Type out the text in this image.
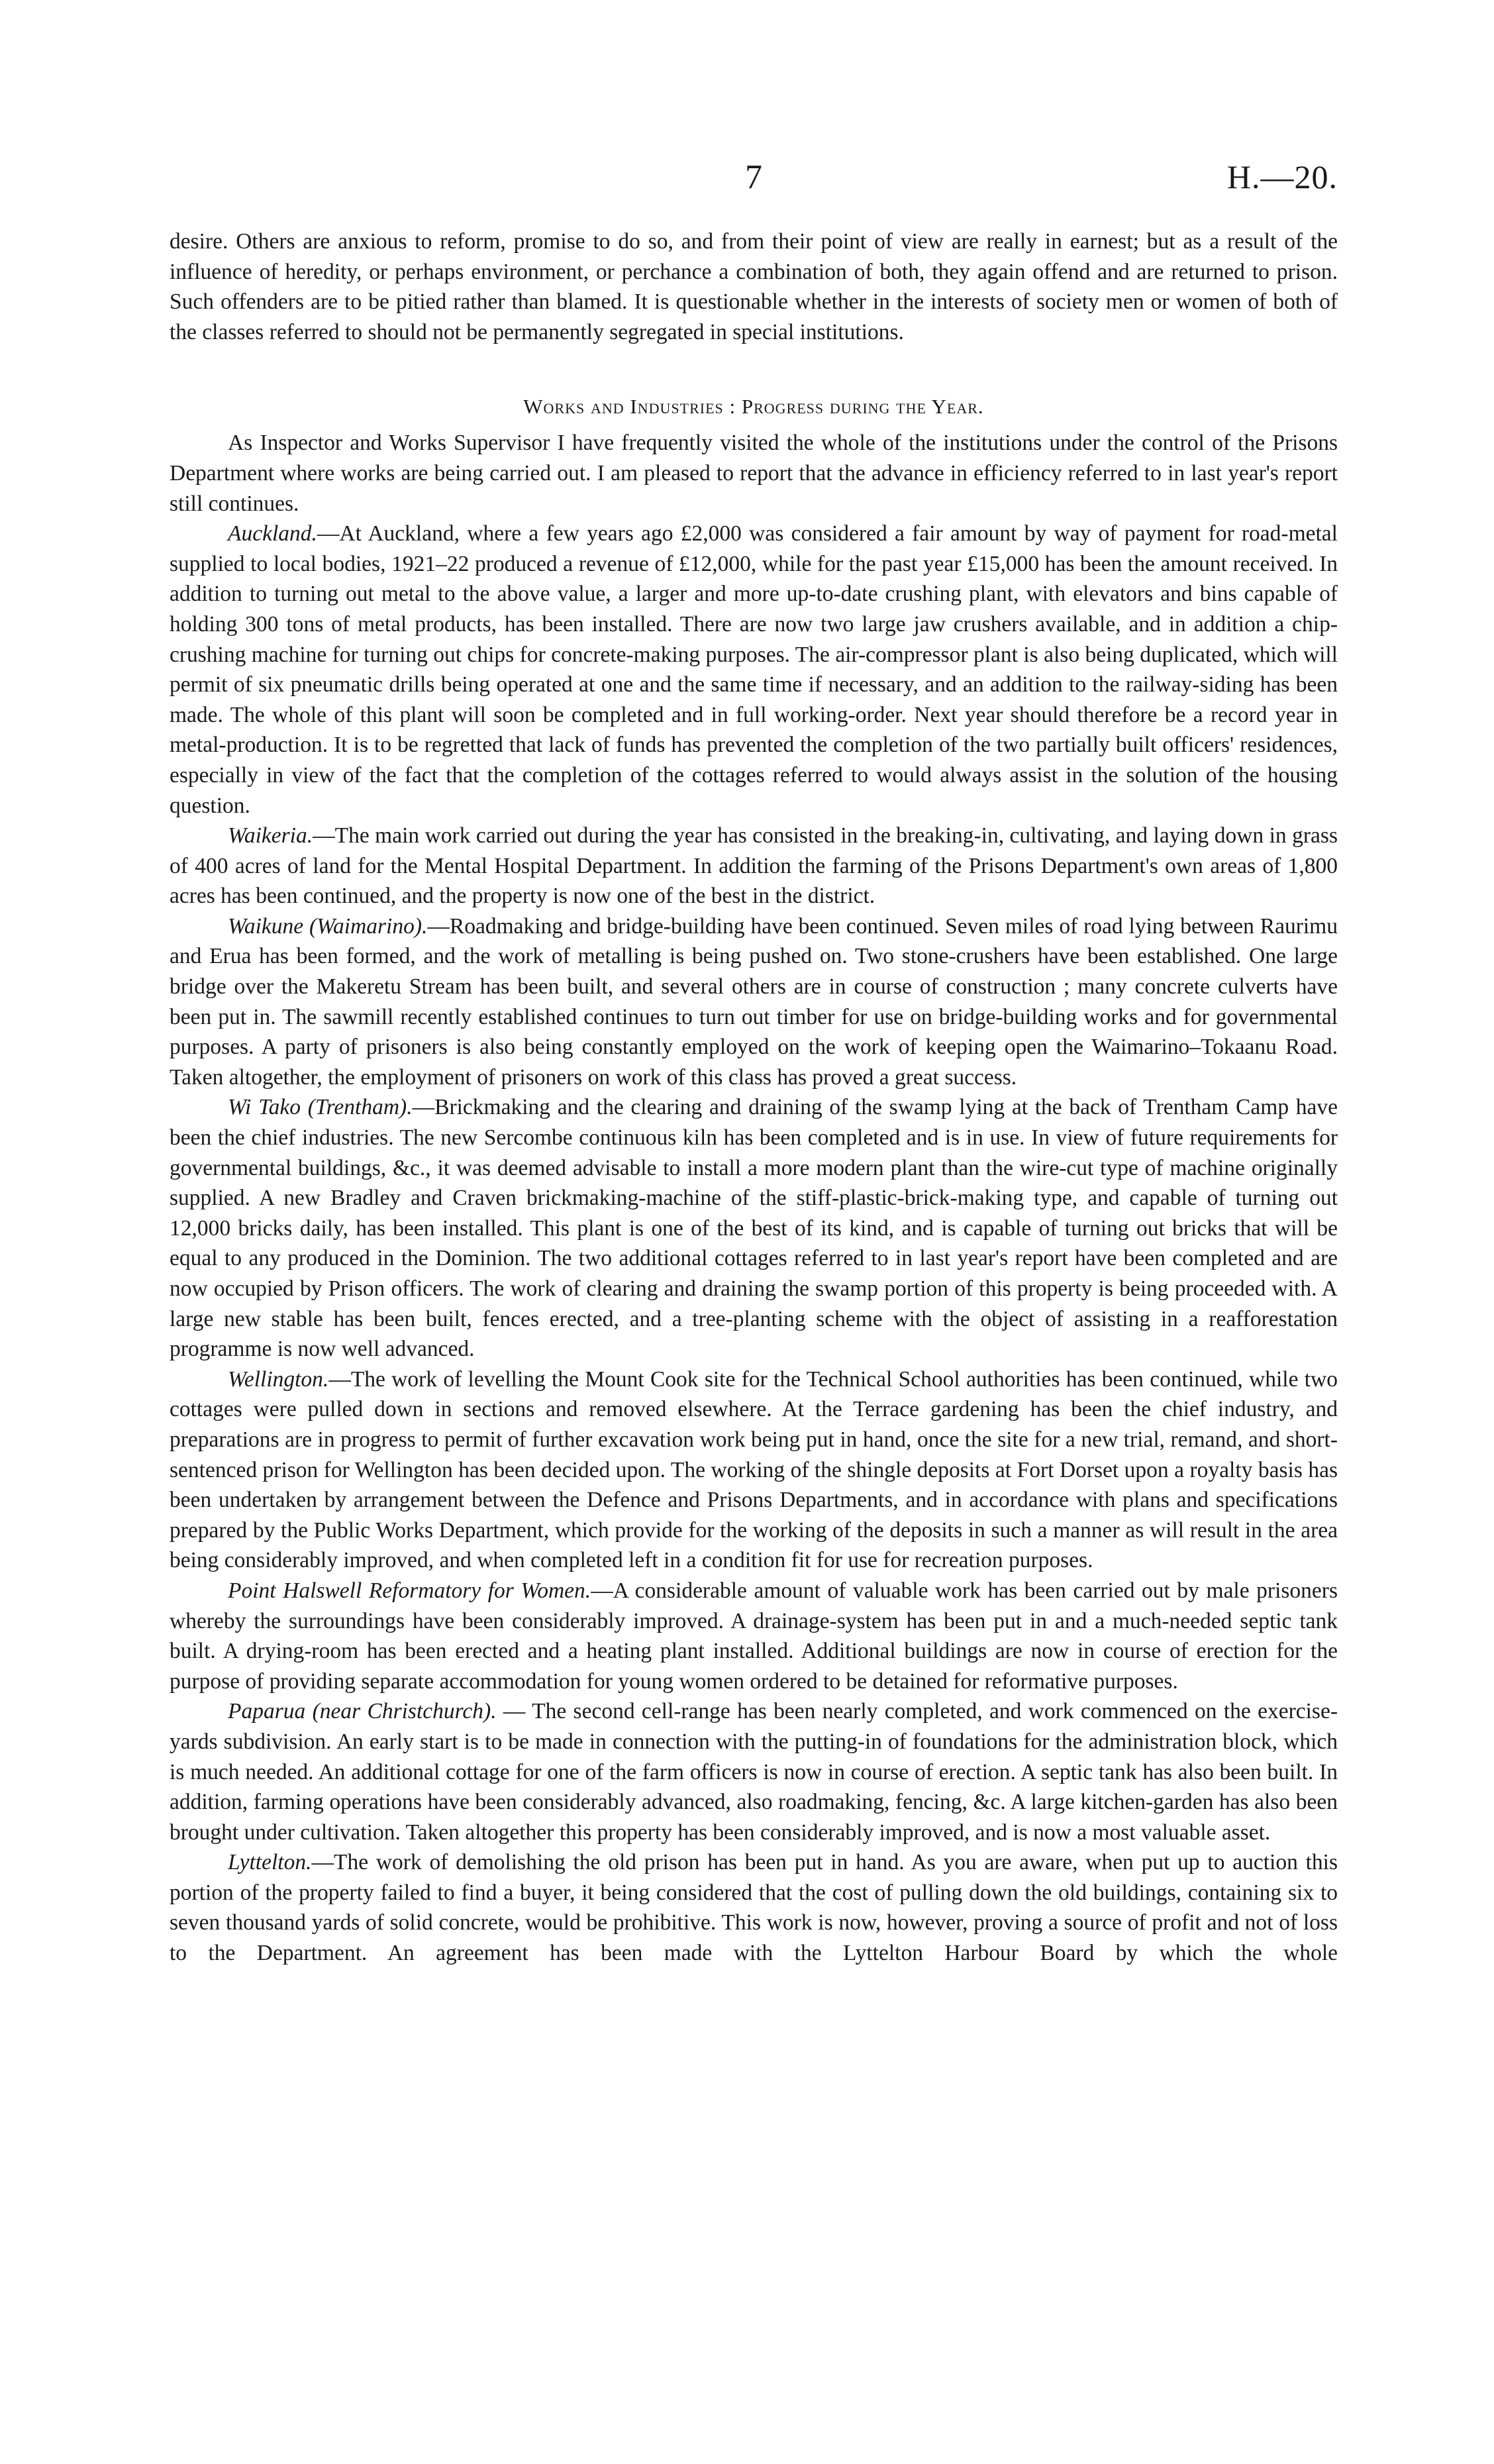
7	H.—20.

desire. Others are anxious to reform, promise to do so, and from their point of view are really in earnest; but as a result of the influence of heredity, or perhaps environment, or perchance a combination of both, they again offend and are returned to prison. Such offenders are to be pitied rather than blamed. It is questionable whether in the interests of society men or women of both of the classes referred to should not be permanently segregated in special institutions.

Works and Industries : Progress during the Year.

As Inspector and Works Supervisor I have frequently visited the whole of the institutions under the control of the Prisons Department where works are being carried out. I am pleased to report that the advance in efficiency referred to in last year's report still continues.

Auckland.—At Auckland, where a few years ago £2,000 was considered a fair amount by way of payment for road-metal supplied to local bodies, 1921–22 produced a revenue of £12,000, while for the past year £15,000 has been the amount received. In addition to turning out metal to the above value, a larger and more up-to-date crushing plant, with elevators and bins capable of holding 300 tons of metal products, has been installed. There are now two large jaw crushers available, and in addition a chip-crushing machine for turning out chips for concrete-making purposes. The air-compressor plant is also being duplicated, which will permit of six pneumatic drills being operated at one and the same time if necessary, and an addition to the railway-siding has been made. The whole of this plant will soon be completed and in full working-order. Next year should therefore be a record year in metal-production. It is to be regretted that lack of funds has prevented the completion of the two partially built officers' residences, especially in view of the fact that the completion of the cottages referred to would always assist in the solution of the housing question.

Waikeria.—The main work carried out during the year has consisted in the breaking-in, cultivating, and laying down in grass of 400 acres of land for the Mental Hospital Department. In addition the farming of the Prisons Department's own areas of 1,800 acres has been continued, and the property is now one of the best in the district.

Waikune (Waimarino).—Roadmaking and bridge-building have been continued. Seven miles of road lying between Raurimu and Erua has been formed, and the work of metalling is being pushed on. Two stone-crushers have been established. One large bridge over the Makeretu Stream has been built, and several others are in course of construction ; many concrete culverts have been put in. The sawmill recently established continues to turn out timber for use on bridge-building works and for governmental purposes. A party of prisoners is also being constantly employed on the work of keeping open the Waimarino–Tokaanu Road. Taken altogether, the employment of prisoners on work of this class has proved a great success.

Wi Tako (Trentham).—Brickmaking and the clearing and draining of the swamp lying at the back of Trentham Camp have been the chief industries. The new Sercombe continuous kiln has been completed and is in use. In view of future requirements for governmental buildings, &c., it was deemed advisable to install a more modern plant than the wire-cut type of machine originally supplied. A new Bradley and Craven brickmaking-machine of the stiff-plastic-brick-making type, and capable of turning out 12,000 bricks daily, has been installed. This plant is one of the best of its kind, and is capable of turning out bricks that will be equal to any produced in the Dominion. The two additional cottages referred to in last year's report have been completed and are now occupied by Prison officers. The work of clearing and draining the swamp portion of this property is being proceeded with. A large new stable has been built, fences erected, and a tree-planting scheme with the object of assisting in a reafforestation programme is now well advanced.

Wellington.—The work of levelling the Mount Cook site for the Technical School authorities has been continued, while two cottages were pulled down in sections and removed elsewhere. At the Terrace gardening has been the chief industry, and preparations are in progress to permit of further excavation work being put in hand, once the site for a new trial, remand, and short-sentenced prison for Wellington has been decided upon. The working of the shingle deposits at Fort Dorset upon a royalty basis has been undertaken by arrangement between the Defence and Prisons Departments, and in accordance with plans and specifications prepared by the Public Works Department, which provide for the working of the deposits in such a manner as will result in the area being considerably improved, and when completed left in a condition fit for use for recreation purposes.

Point Halswell Reformatory for Women.—A considerable amount of valuable work has been carried out by male prisoners whereby the surroundings have been considerably improved. A drainage-system has been put in and a much-needed septic tank built. A drying-room has been erected and a heating plant installed. Additional buildings are now in course of erection for the purpose of providing separate accommodation for young women ordered to be detained for reformative purposes.

Paparua (near Christchurch). — The second cell-range has been nearly completed, and work commenced on the exercise-yards subdivision. An early start is to be made in connection with the putting-in of foundations for the administration block, which is much needed. An additional cottage for one of the farm officers is now in course of erection. A septic tank has also been built. In addition, farming operations have been considerably advanced, also roadmaking, fencing, &c. A large kitchen-garden has also been brought under cultivation. Taken altogether this property has been considerably improved, and is now a most valuable asset.

Lyttelton.—The work of demolishing the old prison has been put in hand. As you are aware, when put up to auction this portion of the property failed to find a buyer, it being considered that the cost of pulling down the old buildings, containing six to seven thousand yards of solid concrete, would be prohibitive. This work is now, however, proving a source of profit and not of loss to the Department. An agreement has been made with the Lyttelton Harbour Board by which the whole
